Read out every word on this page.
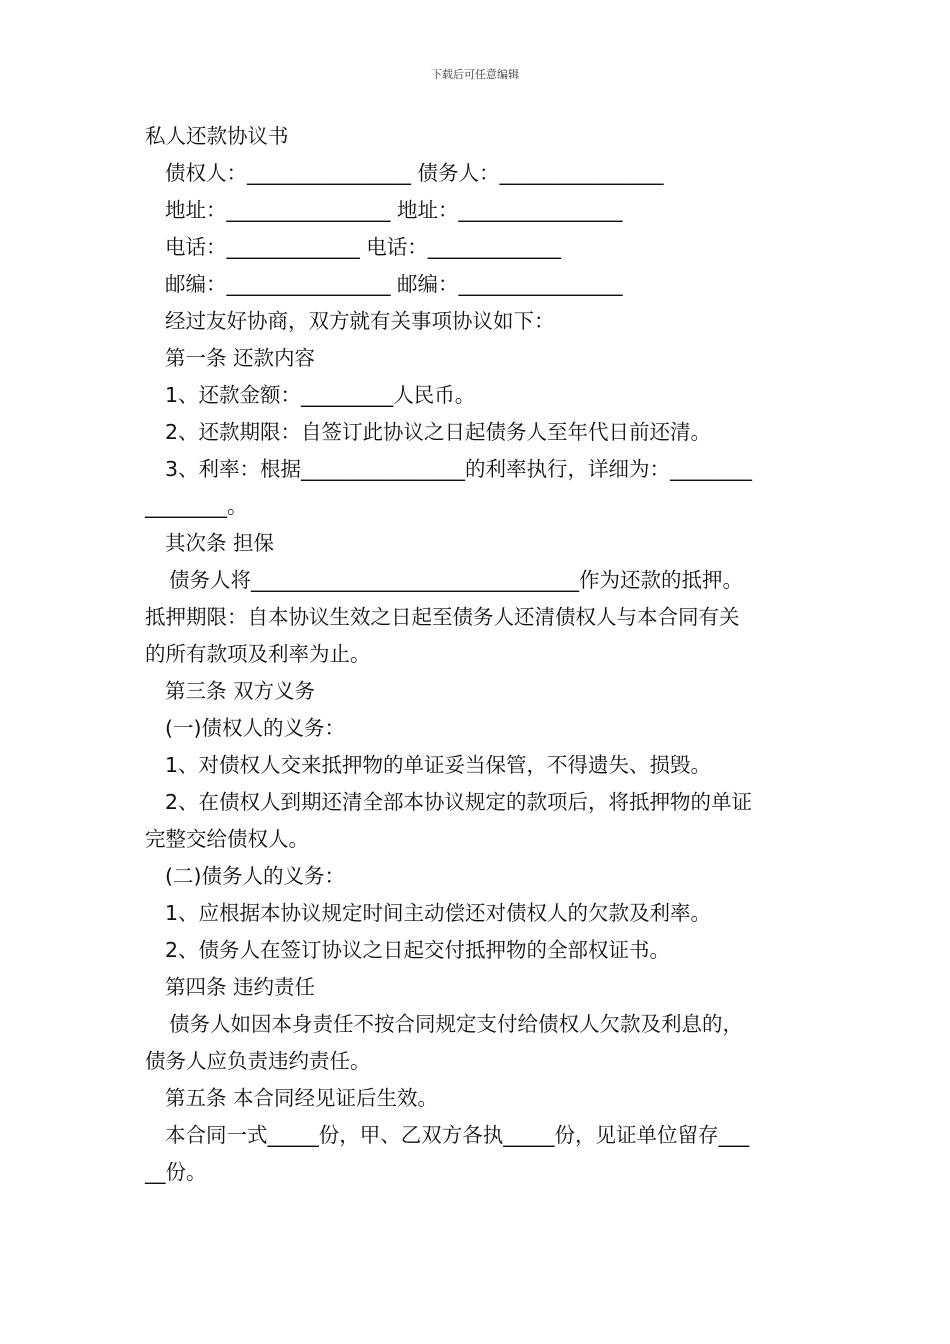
下载后可任意编辑
私人还款协议书
债权人：________________ 债务人：________________
地址：________________ 地址：________________
电话：_____________ 电话：_____________
邮编：________________ 邮编：________________
经过友好协商，双方就有关事项协议如下：
第一条 还款内容
1、还款金额：_________人民币。
2、还款期限：自签订此协议之日起债务人至年代日前还清。
3、利率：根据________________的利率执行，详细为：________
________。
其次条 担保
债务人将________________________________作为还款的抵押。
抵押期限：自本协议生效之日起至债务人还清债权人与本合同有关
的所有款项及利率为止。
第三条 双方义务
(一)债权人的义务：
1、对债权人交来抵押物的单证妥当保管，不得遗失、损毁。
2、在债权人到期还清全部本协议规定的款项后，将抵押物的单证
完整交给债权人。
(二)债务人的义务：
1、应根据本协议规定时间主动偿还对债权人的欠款及利率。
2、债务人在签订协议之日起交付抵押物的全部权证书。
第四条 违约责任
债务人如因本身责任不按合同规定支付给债权人欠款及利息的，
债务人应负责违约责任。
第五条 本合同经见证后生效。
本合同一式_____份，甲、乙双方各执_____份，见证单位留存___
__份。
